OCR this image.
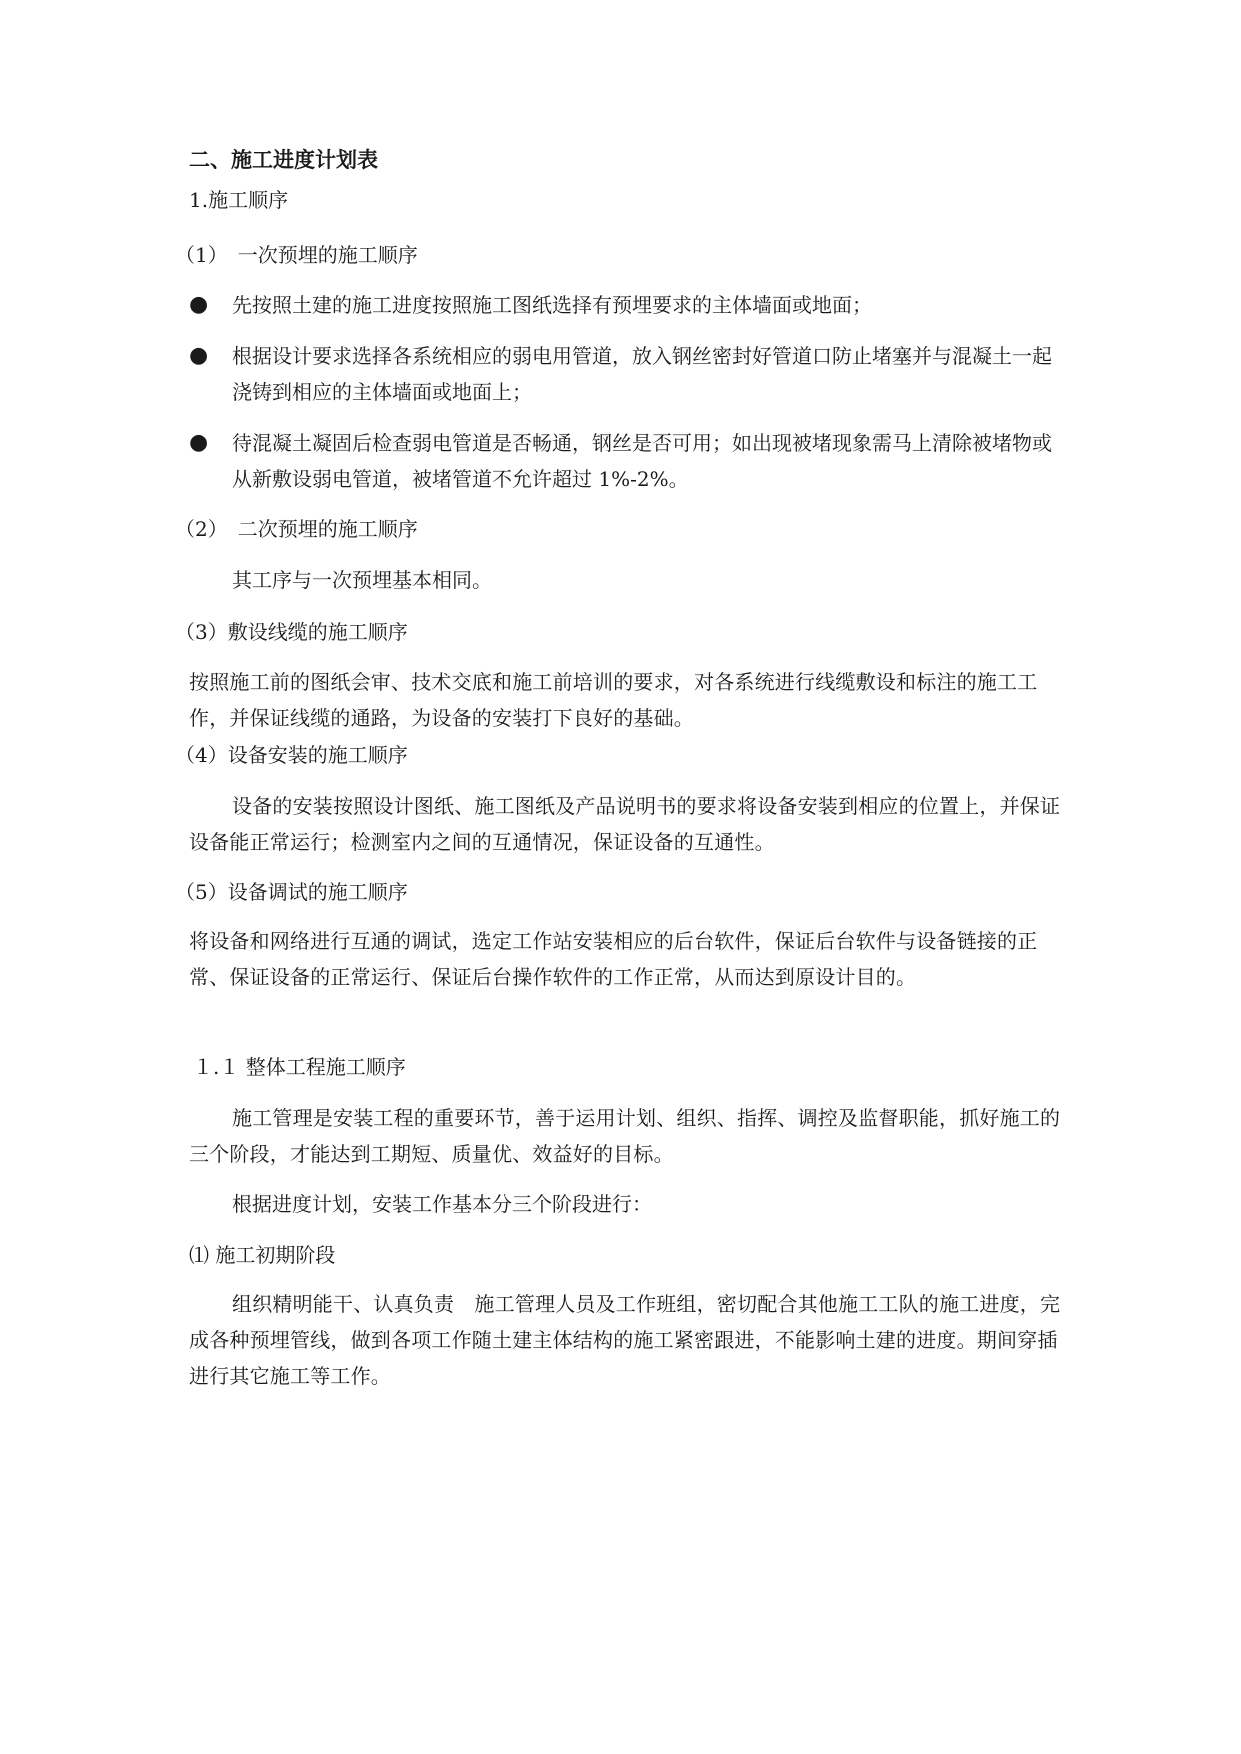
二、施工进度计划表
1.施工顺序
（1）　一次预埋的施工顺序
● 先按照土建的施工进度按照施工图纸选择有预埋要求的主体墙面或地面；
● 根据设计要求选择各系统相应的弱电用管道，放入钢丝密封好管道口防止堵塞并与混凝土一起浇铸到相应的主体墙面或地面上；
● 待混凝土凝固后检查弱电管道是否畅通，钢丝是否可用；如出现被堵现象需马上清除被堵物或从新敷设弱电管道，被堵管道不允许超过 1%-2%。
（2）　二次预埋的施工顺序
其工序与一次预埋基本相同。
（3）敷设线缆的施工顺序
按照施工前的图纸会审、技术交底和施工前培训的要求，对各系统进行线缆敷设和标注的施工工作，并保证线缆的通路，为设备的安装打下良好的基础。
（4）设备安装的施工顺序
设备的安装按照设计图纸、施工图纸及产品说明书的要求将设备安装到相应的位置上，并保证设备能正常运行；检测室内之间的互通情况，保证设备的互通性。
（5）设备调试的施工顺序
将设备和网络进行互通的调试，选定工作站安装相应的后台软件，保证后台软件与设备链接的正常、保证设备的正常运行、保证后台操作软件的工作正常，从而达到原设计目的。
１.１ 整体工程施工顺序
施工管理是安装工程的重要环节，善于运用计划、组织、指挥、调控及监督职能，抓好施工的三个阶段，才能达到工期短、质量优、效益好的目标。
根据进度计划，安装工作基本分三个阶段进行：
⑴ 施工初期阶段
组织精明能干、认真负责　施工管理人员及工作班组，密切配合其他施工工队的施工进度，完成各种预埋管线，做到各项工作随土建主体结构的施工紧密跟进，不能影响土建的进度。期间穿插进行其它施工等工作。
